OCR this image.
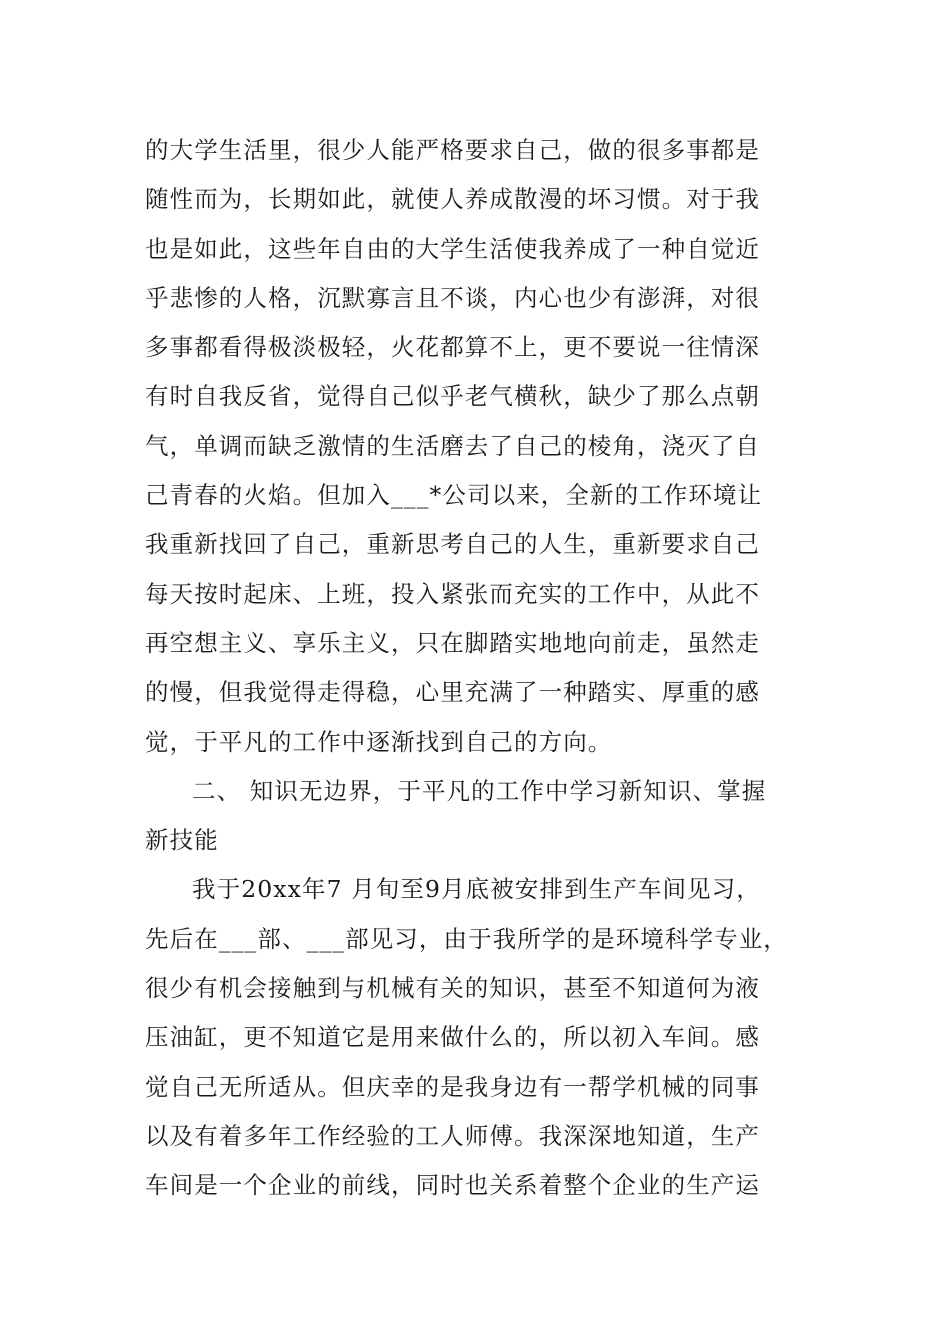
的大学生活里，很少人能严格要求自己，做的很多事都是
随性而为，长期如此，就使人养成散漫的坏习惯。对于我
也是如此，这些年自由的大学生活使我养成了一种自觉近
乎悲惨的人格，沉默寡言且不谈，内心也少有澎湃，对很
多事都看得极淡极轻，火花都算不上，更不要说一往情深
有时自我反省，觉得自己似乎老气横秋，缺少了那么点朝
气，单调而缺乏激情的生活磨去了自己的棱角，浇灭了自
己青春的火焰。但加入___*公司以来，全新的工作环境让
我重新找回了自己，重新思考自己的人生，重新要求自己
每天按时起床、上班，投入紧张而充实的工作中，从此不
再空想主义、享乐主义，只在脚踏实地地向前走，虽然走
的慢，但我觉得走得稳，心里充满了一种踏实、厚重的感
觉，于平凡的工作中逐渐找到自己的方向。
二、 知识无边界，于平凡的工作中学习新知识、掌握
新技能
我于20xx年7 月旬至9月底被安排到生产车间见习，
先后在___部、___部见习，由于我所学的是环境科学专业，
很少有机会接触到与机械有关的知识，甚至不知道何为液
压油缸，更不知道它是用来做什么的，所以初入车间。感
觉自己无所适从。但庆幸的是我身边有一帮学机械的同事
以及有着多年工作经验的工人师傅。我深深地知道，生产
车间是一个企业的前线，同时也关系着整个企业的生产运
